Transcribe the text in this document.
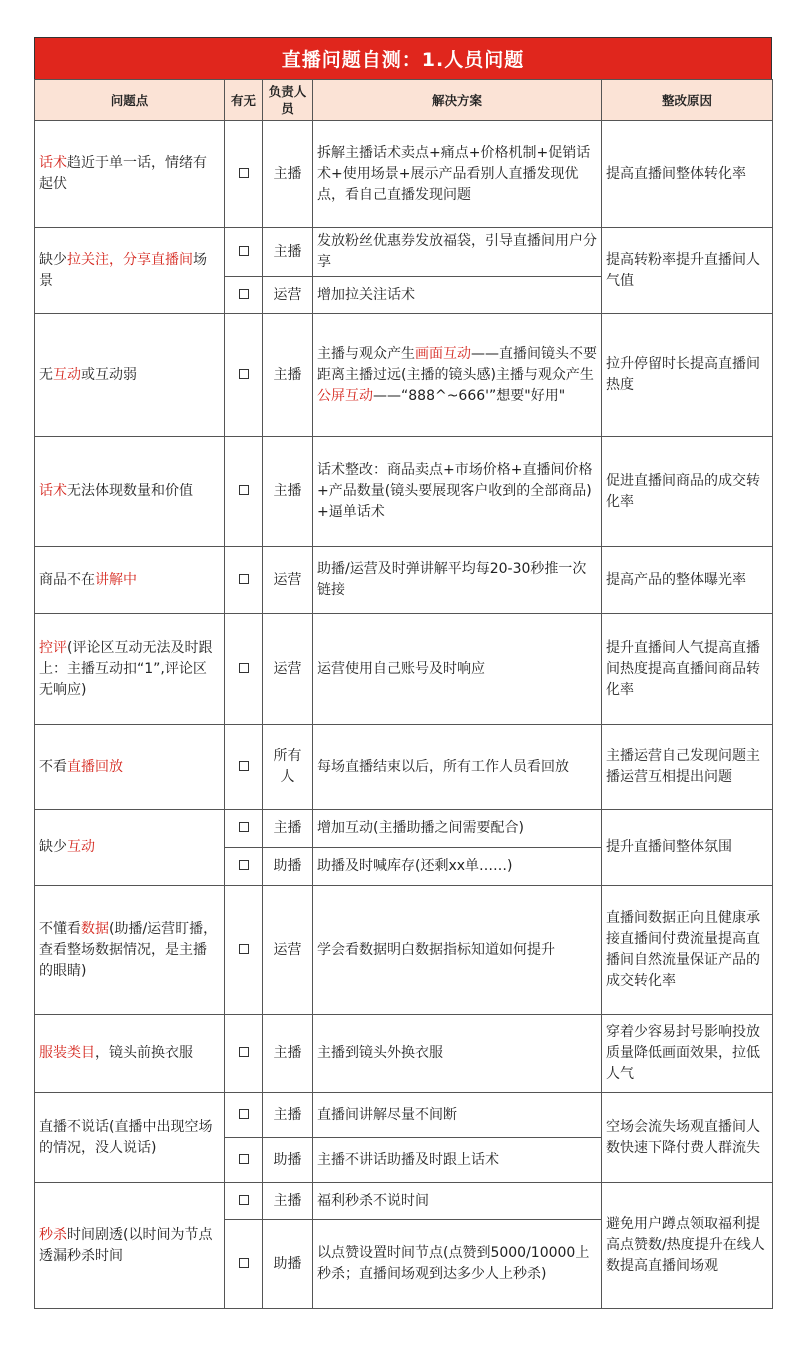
直播问题自测：1.人员问题
问题点	有无	负责人员	解决方案	整改原因
话术趋近于单一话，情绪有起伏		主播	拆解主播话术卖点+痛点+价格机制+促销话术+使用场景+展示产品看别人直播发现优点，看自己直播发现问题	提高直播间整体转化率
缺少拉关注，分享直播间场景		主播	发放粉丝优惠券发放福袋，引导直播间用户分享	提高转粉率提升直播间人气值
		运营	增加拉关注话术	
无互动或互动弱		主播	主播与观众产生画面互动——直播间镜头不要距离主播过远(主播的镜头感)主播与观众产生公屏互动——“888^~666'”想要"好用"	拉升停留时长提高直播间热度
话术无法体现数量和价值		主播	话术整改：商品卖点+市场价格+直播间价格+产品数量(镜头要展现客户收到的全部商品)+逼单话术	促进直播间商品的成交转化率
商品不在讲解中		运营	助播/运营及时弹讲解平均每20-30秒推一次链接	提高产品的整体曝光率
控评(评论区互动无法及时跟上：主播互动扣“1”,评论区无响应)		运营	运营使用自己账号及时响应	提升直播间人气提高直播间热度提高直播间商品转化率
不看直播回放		所有人	每场直播结束以后，所有工作人员看回放	主播运营自己发现问题主播运营互相提出问题
缺少互动		主播	增加互动(主播助播之间需要配合)	提升直播间整体氛围
		助播	助播及时喊库存(还剩xx单……)	
不懂看数据(助播/运营盯播，查看整场数据情况，是主播的眼睛)		运营	学会看数据明白数据指标知道如何提升	直播间数据正向且健康承接直播间付费流量提高直播间自然流量保证产品的成交转化率
服装类目，镜头前换衣服		主播	主播到镜头外换衣服	穿着少容易封号影响投放质量降低画面效果，拉低人气
直播不说话(直播中出现空场的情况，没人说话)		主播	直播间讲解尽量不间断	空场会流失场观直播间人数快速下降付费人群流失
		助播	主播不讲话助播及时跟上话术	
秒杀时间剧透(以时间为节点透漏秒杀时间		主播	福利秒杀不说时间	避免用户蹲点领取福利提高点赞数/热度提升在线人数提高直播间场观
		助播	以点赞设置时间节点(点赞到5000/10000上秒杀；直播间场观到达多少人上秒杀)	
